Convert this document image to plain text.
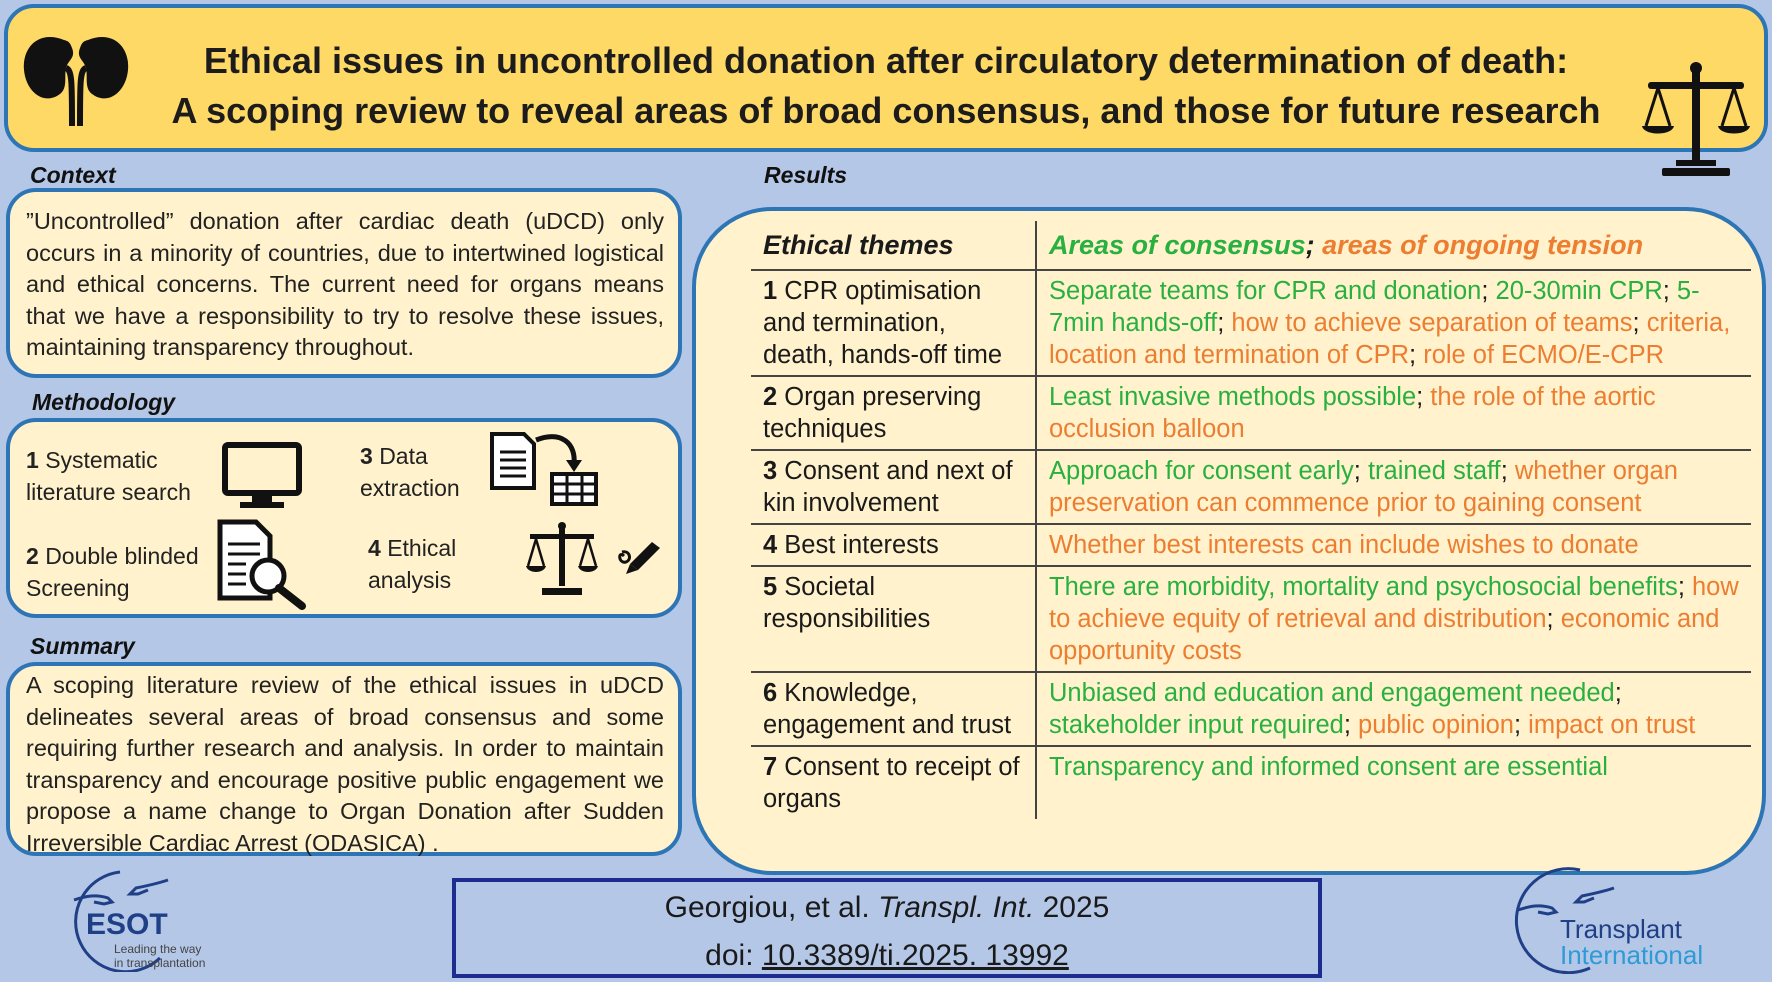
Ethical issues in uncontrolled donation after circulatory determination of death:
A scoping review to reveal areas of broad consensus, and those for future research
Context
”Uncontrolled” donation after cardiac death (uDCD) only occurs in a minority of countries, due to intertwined logistical and ethical concerns. The current need for organs means that we have a responsibility to try to resolve these issues, maintaining transparency throughout.
Methodology
1 Systematic
literature search
3 Data
extraction
2 Double blinded
Screening
4 Ethical
analysis
Summary
A scoping literature review of the ethical issues in uDCD delineates several areas of broad consensus and some requiring further research and analysis. In order to maintain transparency and encourage positive public engagement we propose a name change to Organ Donation after Sudden Irreversible Cardiac Arrest (ODASICA) .
Results
Ethical themes	Areas of consensus; areas of ongoing tension
1 CPR optimisation and termination, death, hands-off time	Separate teams for CPR and donation; 20-30min CPR; 5-7min hands-off; how to achieve separation of teams; criteria, location and termination of CPR; role of ECMO/E-CPR
2 Organ preserving techniques	Least invasive methods possible; the role of the aortic occlusion balloon
3 Consent and next of kin involvement	Approach for consent early; trained staff; whether organ preservation can commence prior to gaining consent
4 Best interests	Whether best interests can include wishes to donate
5 Societal responsibilities	There are morbidity, mortality and psychosocial benefits; how to achieve equity of retrieval and distribution; economic and opportunity costs
6 Knowledge, engagement and trust	Unbiased and education and engagement needed; stakeholder input required; public opinion; impact on trust
7 Consent to receipt of organs	Transparency and informed consent are essential
Georgiou, et al. Transpl. Int. 2025
doi: 10.3389/ti.2025. 13992
ESOT
Leading the way
in transplantation
Transplant
International
